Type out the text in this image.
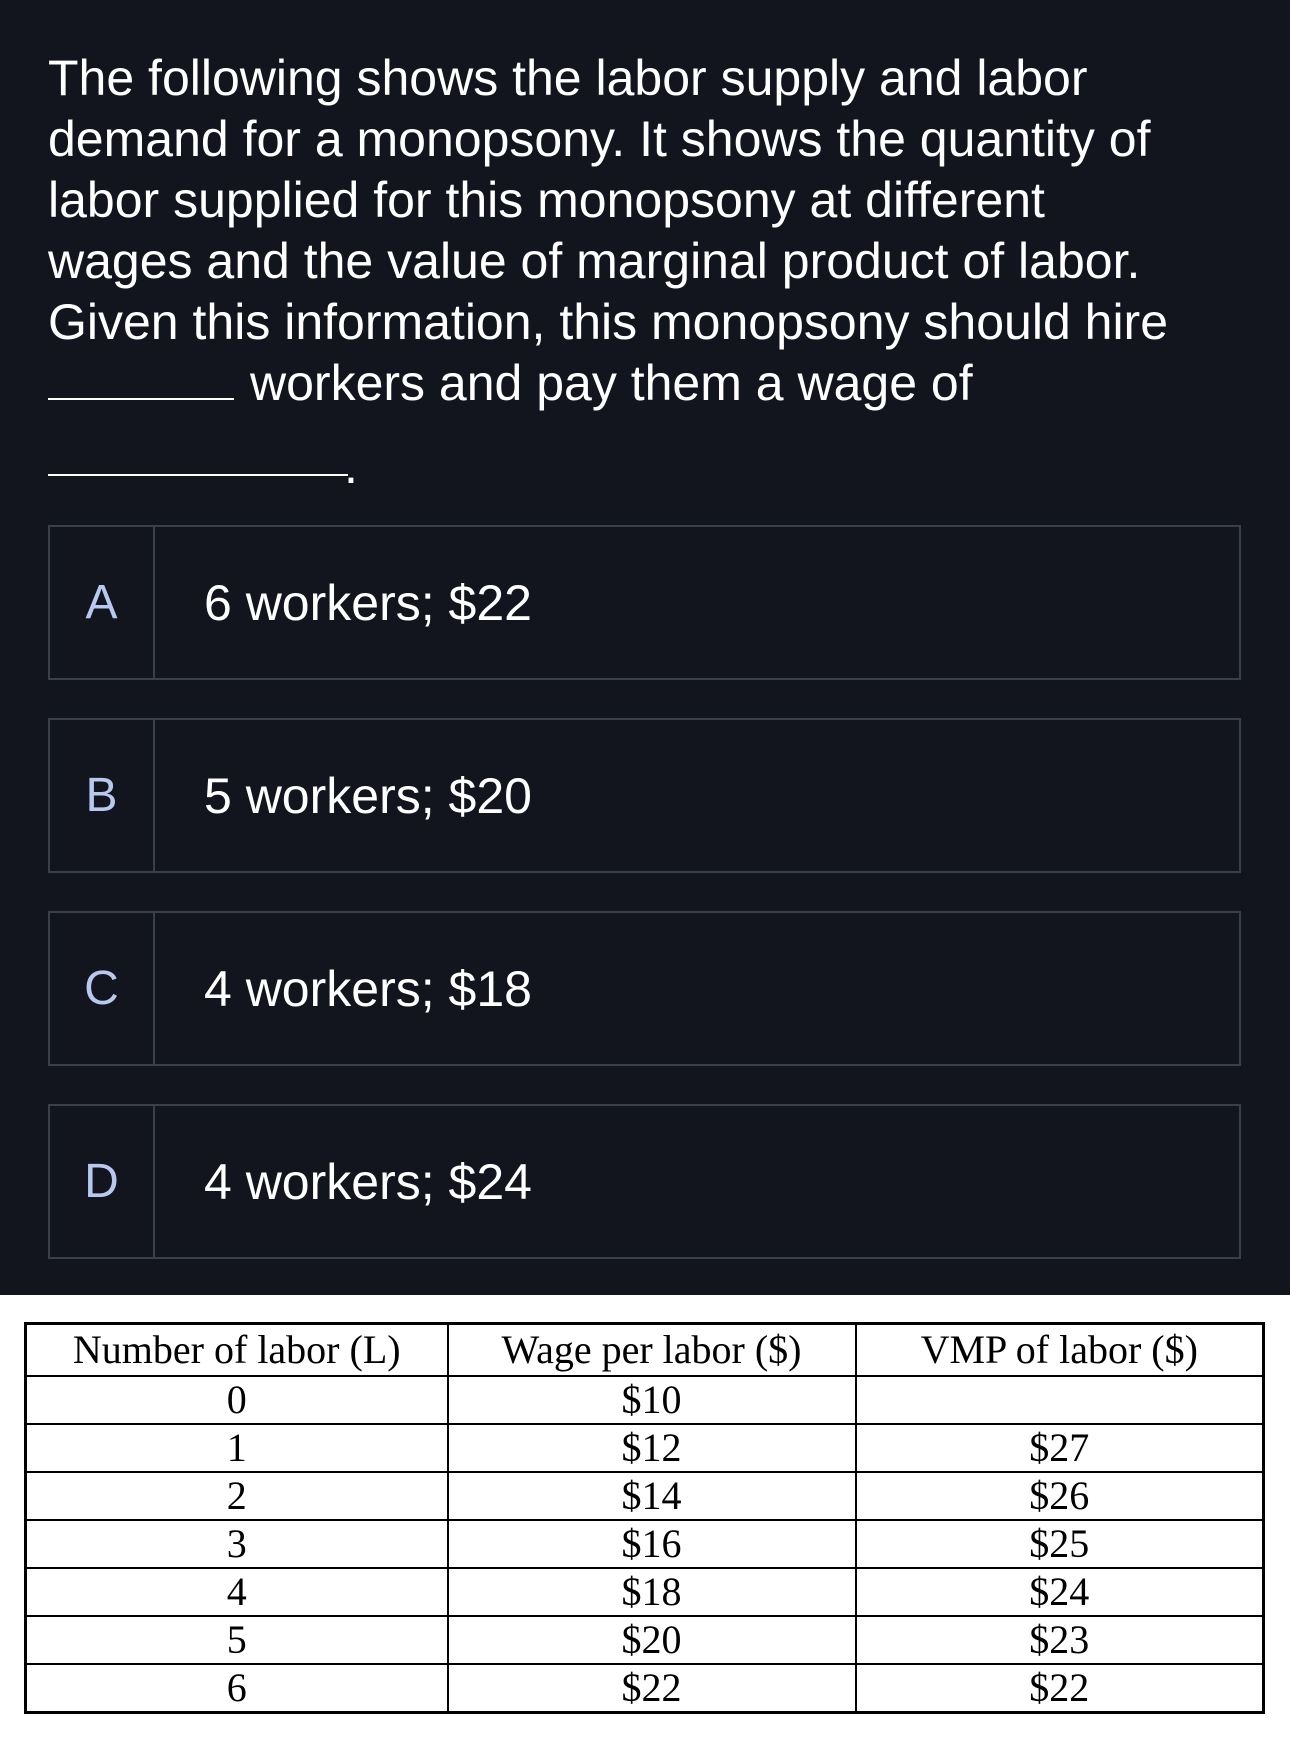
The following shows the labor supply and labor
demand for a monopsony. It shows the quantity of
labor supplied for this monopsony at different
wages and the value of marginal product of labor.
Given this information, this monopsony should hire
workers and pay them a wage of
.
A	6 workers; $22
B	5 workers; $20
C	4 workers; $18
D	4 workers; $24
Number of labor (L)	Wage per labor ($)	VMP of labor ($)
0	$10	
1	$12	$27
2	$14	$26
3	$16	$25
4	$18	$24
5	$20	$23
6	$22	$22
